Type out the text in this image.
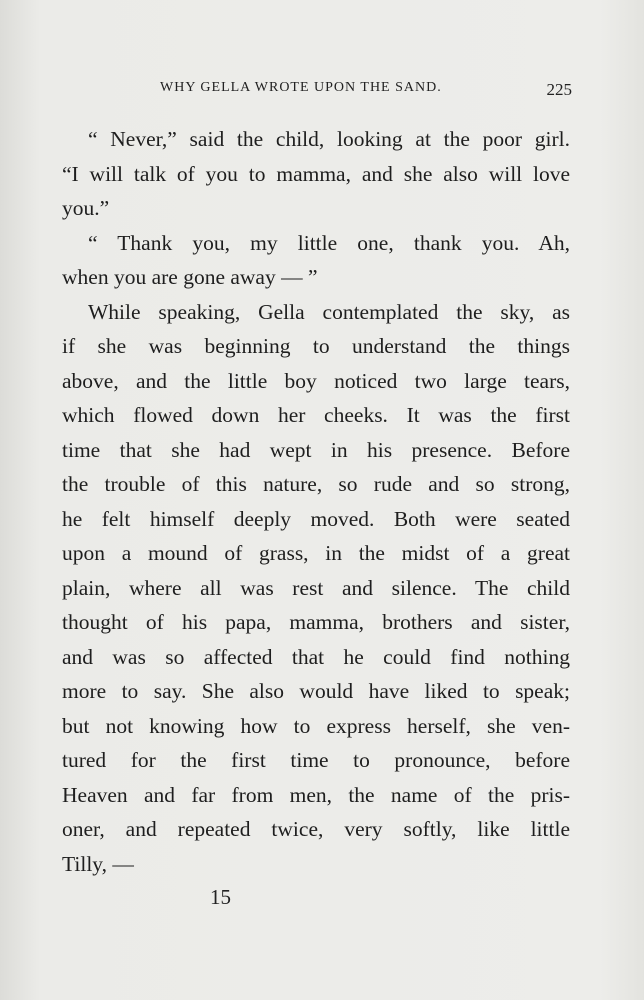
WHY GELLA WROTE UPON THE SAND.	225
“ Never,” said the child, looking at the poor girl.
“I will talk of you to mamma, and she also will love
you.”
“ Thank you, my little one, thank you. Ah,
when you are gone away — ”
While speaking, Gella contemplated the sky, as
if she was beginning to understand the things
above, and the little boy noticed two large tears,
which flowed down her cheeks. It was the first
time that she had wept in his presence. Before
the trouble of this nature, so rude and so strong,
he felt himself deeply moved. Both were seated
upon a mound of grass, in the midst of a great
plain, where all was rest and silence. The child
thought of his papa, mamma, brothers and sister,
and was so affected that he could find nothing
more to say. She also would have liked to speak;
but not knowing how to express herself, she ven-
tured for the first time to pronounce, before
Heaven and far from men, the name of the pris-
oner, and repeated twice, very softly, like little
Tilly, —
15
